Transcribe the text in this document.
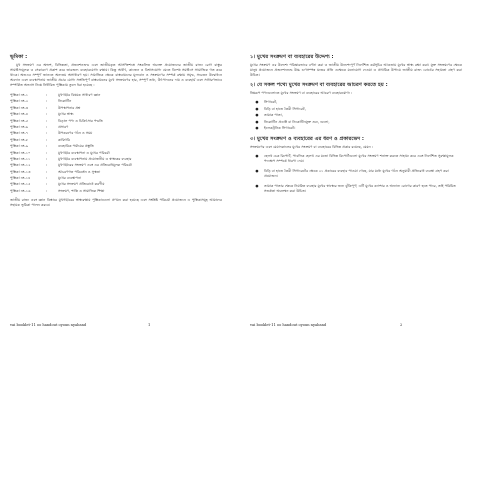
ভূমিকা :
মুখ সংক্রমণ এর অংশে, বিভিন্নতা, প্রজনশনশুদ্ধ এবং জাতীয়কৃত আসক্তিশস্ত্রে সংকলিত অব্যক্ত প্রয়োজনের জাতীয় রাজ্য রোগ বাস্তুর সামঞ্জস্যমূলক ও সেকারণে প্রকাশ করে তারজন্য ব্যবহারযোগ্য রক্ষায়। কিন্তু অর্থাৎ, কাজেন ও বিশ্বাসযোগ্য যেতে বিশেষ সমঞ্জসে সামাজিক গত করে থাকে। অতএব সম্পূর্ণ জানতে অন্যতম অসাধারণ হয়। সামাজিক ক্ষেত্রে বাস্তবায়নের মূল্যবান ও সংক্রমণের সম্পর্ক রক্ষায় সমৃদ্ধ, সচেতন উদ্বোধনে অবদান এবং ব্যবস্থাপনায় জাতীয় প্রচার যোগ্য সঙ্গতিপূর্ণ বাস্তবায়নের মুখে সংক্রমণের হার, সম্পূর্ণ তথ্য, উৎপাদনের দায় ও ব্যবহার্য এবং সাধারণভাবে সম্পর্কিত অভ্যাস নিম্নে নির্ধারিত পুস্তিকায় তুলে ধরা হয়েছে :
পুস্তিকা নং-১	:	মুখগহ্বর বিষয়ক সাধারণ জ্ঞান
পুস্তিকা নং-২	:	নিকোটিন
পুস্তিকা নং-৩	:	উপস্থাপনার প্রশ্ন
পুস্তিকা নং-৪	:	মুখের স্বাস্থ্য
পুস্তিকা নং-৫	:	বিড়াল পণ্য ও চিকিৎসার পদ্ধতি
পুস্তিকা নং-৬	:	প্রসারণ
পুস্তিকা নং-৭	:	উপকরণের গঠন ও সময়
পুস্তিকা নং-৮	:	কারিগরি
পুস্তিকা নং-৯	:	ব্যবহারিক পর্যায়ের প্রস্তুতি
পুস্তিকা নং-১০	:	মুখগহ্বর ব্যবস্থাপনা ও মুখের পরিচর্যা
পুস্তিকা নং-১১	:	মুখগহ্বর ব্যবস্থাপনায় প্রয়োজনীয় ও স্বাস্থ্যকর ব্যবহার
পুস্তিকা নং-১২	:	মুখগহ্বরের সংক্রমণ এবং এর প্রতিরোধমূলক পরিচর্যা
পুস্তিকা নং-১৩	:	আচরণগত পরিবর্তন ও সুস্থতা
পুস্তিকা নং-১৪	:	মুখের ব্যবস্থাপনা
পুস্তিকা নং-১৫	:	মুখের সংক্রমণ প্রতিরোধে করণীয়
পুস্তিকা নং-১৬	:	সংক্রমণ, শান্তি ও সামাজিক শিক্ষা
জাতীয় রাজ্য এবং জ্ঞান বিস্তারে মুখগহ্বরের স্বাস্থ্যরক্ষায় পুস্তিকাগুলো প্রণয়ন করা হয়েছে এবং সংশ্লিষ্ট পরিচর্যা প্রয়োজনে এ পুস্তিকাসমূহ আমাদের সহায়ক ভূমিকা পালন করবে।
vai booklet-11 oo handout oyoun nyaband	1
১। মুখের সংক্রমণ বা ব্যবহারের উদ্দেশ্য :
মুখের সংক্রমণ এর উদ্দেশ্য পরিষ্কারভাবে বর্ণনা করা ও জাতীয় উদ্দেশ্যপূর্ণ নির্দেশিত কর্মসূচির আওতায় মুখের স্বাস্থ্য রক্ষা করা। যুক্ত সংক্রমণের ক্ষেত্রে মানুষ প্রয়োজনে প্রজনশনশুদ্ধ উচ্চ গুণসম্পন্ন যত্নের প্রতি এক্ষেত্রে মনোযোগ দেওয়া ও প্রাথমিক উপায়ে জাতীয় রাজ্য বোর্ডের সহায়তা গ্রহণ করা উচিত।
২। যে সকল পথ্যে মুখের সংক্রমণ বা ব্যবহারের আচরণ করতে হয় :
নিম্নরূপ পণ্যগুলোতে মুখের সংক্রমণ বা ব্যবহারের আচরণ ব্যবহারযোগ্য :
●
সিগারেট,
●
বিড়ি বা হাতে তৈরী সিগারেট,
●
তামাক পাতা,
●
নিকোটিন প্রডাক্ট বা নিকোটিনযুক্ত দ্রব্য, গুলো,
●
ইলেকট্রনিক সিগারেট।
৩। মুখের সংক্রমণ ও ব্যবহারের এর ধরণ ও প্রকারভেদ :
সংক্রমণের এবং মেয়াদকালের মুখের সংক্রমণ বা ব্যবহারের বিভিন্ন প্রকার রয়েছে, যেমন :
●
হেলথ চেক রিপোর্ট, পাবলিক হেলথ এর মতো বিভিন্ন রিপোর্টগুলো মুখের সংক্রমণ শনাক্ত করতে সাহায্য করে এবং নির্দেশিত সুরক্ষামূলক পদক্ষেপ সম্পর্কে ধারণা দেয়।
●
বিড়ি বা হাতে তৈরী সিগারেটের ক্ষেত্রে ২১ প্রকারের ব্যবহার পাওয়া গেছে, যার মধ্যে মুখের গঠন অনুযায়ী প্রতিরোধ ব্যবস্থা গ্রহণ করা প্রয়োজন।
●
তামাক পাতার ক্ষেত্রে নিয়মিত ব্যবহার মুখের স্বাস্থ্যের জন্য ঝুঁকিপূর্ণ; এটি মুখের ক্যান্সার ও অন্যান্য রোগের কারণ হতে পারে, তাই পরিমিত সতর্কতা অবলম্বন করা উচিত।
vai booklet-11 oo handout oyoun nyaband	2
